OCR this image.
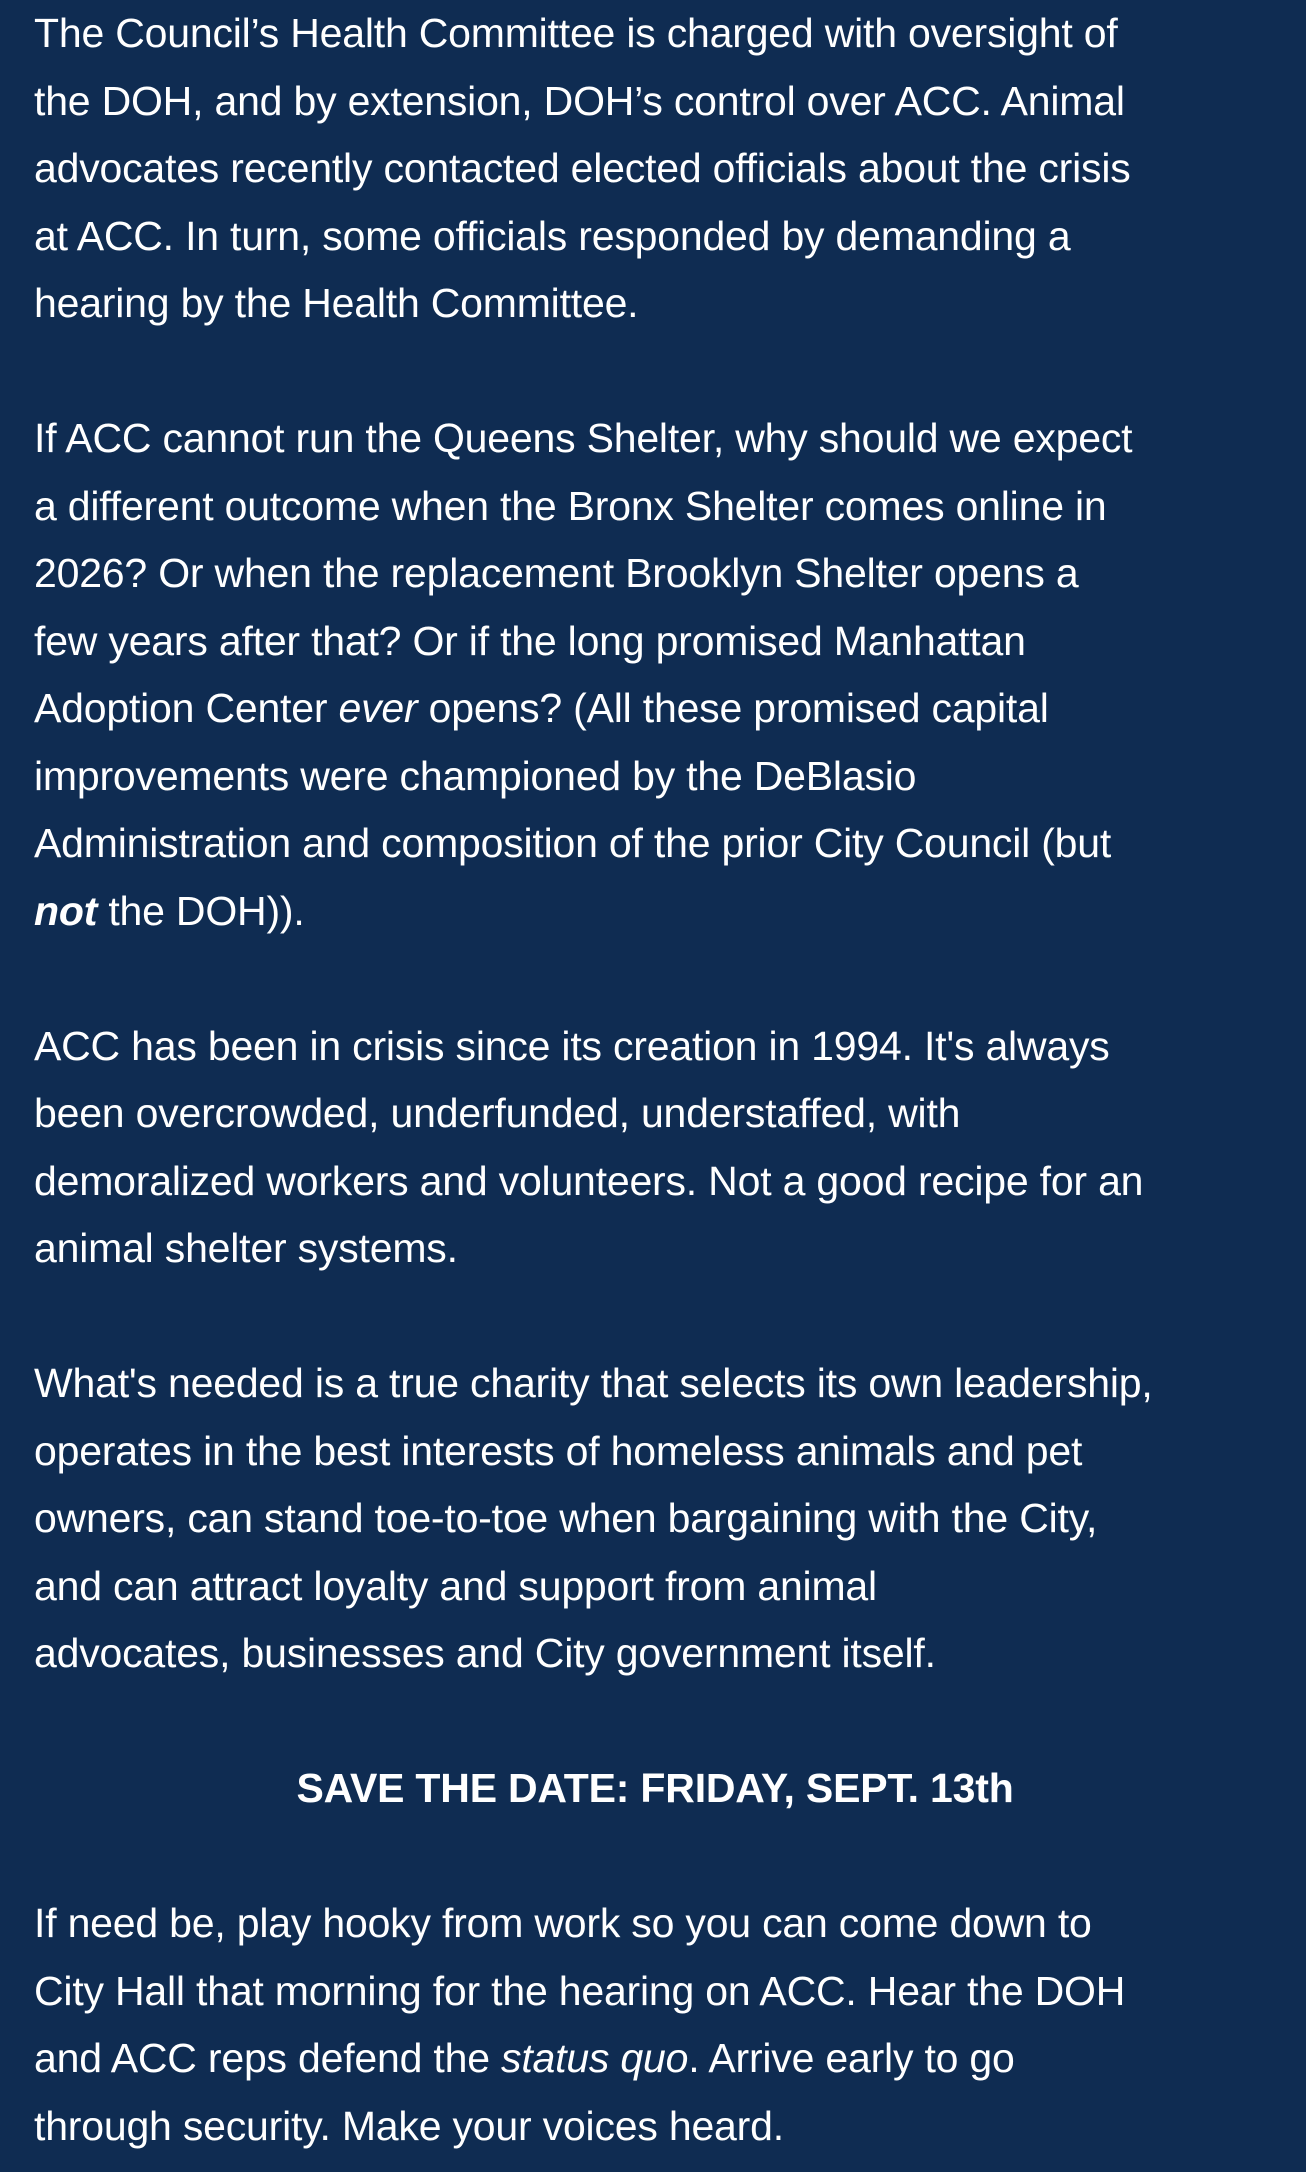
The Council’s Health Committee is charged with oversight of
the DOH, and by extension, DOH’s control over ACC. Animal
advocates recently contacted elected officials about the crisis
at ACC. In turn, some officials responded by demanding a
hearing by the Health Committee.

If ACC cannot run the Queens Shelter, why should we expect
a different outcome when the Bronx Shelter comes online in
2026? Or when the replacement Brooklyn Shelter opens a
few years after that? Or if the long promised Manhattan
Adoption Center ever opens? (All these promised capital
improvements were championed by the DeBlasio
Administration and composition of the prior City Council (but
not the DOH)).

ACC has been in crisis since its creation in 1994. It's always
been overcrowded, underfunded, understaffed, with
demoralized workers and volunteers. Not a good recipe for an
animal shelter systems.

What's needed is a true charity that selects its own leadership,
operates in the best interests of homeless animals and pet
owners, can stand toe-to-toe when bargaining with the City,
and can attract loyalty and support from animal
advocates, businesses and City government itself.

SAVE THE DATE: FRIDAY, SEPT. 13th

If need be, play hooky from work so you can come down to
City Hall that morning for the hearing on ACC. Hear the DOH
and ACC reps defend the status quo. Arrive early to go
through security. Make your voices heard.
